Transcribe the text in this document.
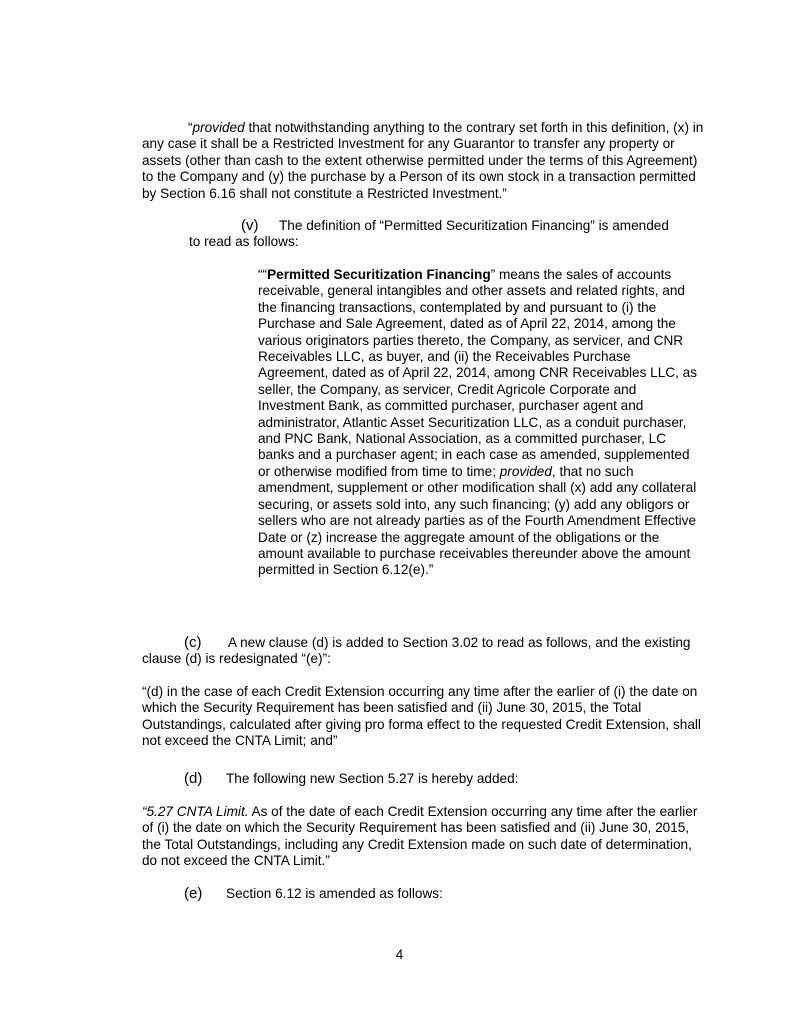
“provided that notwithstanding anything to the contrary set forth in this definition, (x) in any case it shall be a Restricted Investment for any Guarantor to transfer any property or assets (other than cash to the extent otherwise permitted under the terms of this Agreement) to the Company and (y) the purchase by a Person of its own stock in a transaction permitted by Section 6.16 shall not constitute a Restricted Investment.”

(v) The definition of “Permitted Securitization Financing” is amended
to read as follows:

““Permitted Securitization Financing” means the sales of accounts receivable, general intangibles and other assets and related rights, and the financing transactions, contemplated by and pursuant to (i) the Purchase and Sale Agreement, dated as of April 22, 2014, among the various originators parties thereto, the Company, as servicer, and CNR Receivables LLC, as buyer, and (ii) the Receivables Purchase Agreement, dated as of April 22, 2014, among CNR Receivables LLC, as seller, the Company, as servicer, Credit Agricole Corporate and Investment Bank, as committed purchaser, purchaser agent and administrator, Atlantic Asset Securitization LLC, as a conduit purchaser, and PNC Bank, National Association, as a committed purchaser, LC banks and a purchaser agent; in each case as amended, supplemented or otherwise modified from time to time; provided, that no such amendment, supplement or other modification shall (x) add any collateral securing, or assets sold into, any such financing; (y) add any obligors or sellers who are not already parties as of the Fourth Amendment Effective Date or (z) increase the aggregate amount of the obligations or the amount available to purchase receivables thereunder above the amount permitted in Section 6.12(e).”

(c) A new clause (d) is added to Section 3.02 to read as follows, and the existing clause (d) is redesignated “(e)”:

“(d) in the case of each Credit Extension occurring any time after the earlier of (i) the date on which the Security Requirement has been satisfied and (ii) June 30, 2015, the Total Outstandings, calculated after giving pro forma effect to the requested Credit Extension, shall not exceed the CNTA Limit; and”

(d) The following new Section 5.27 is hereby added:

“5.27 CNTA Limit. As of the date of each Credit Extension occurring any time after the earlier of (i) the date on which the Security Requirement has been satisfied and (ii) June 30, 2015, the Total Outstandings, including any Credit Extension made on such date of determination, do not exceed the CNTA Limit.”

(e) Section 6.12 is amended as follows:

4
